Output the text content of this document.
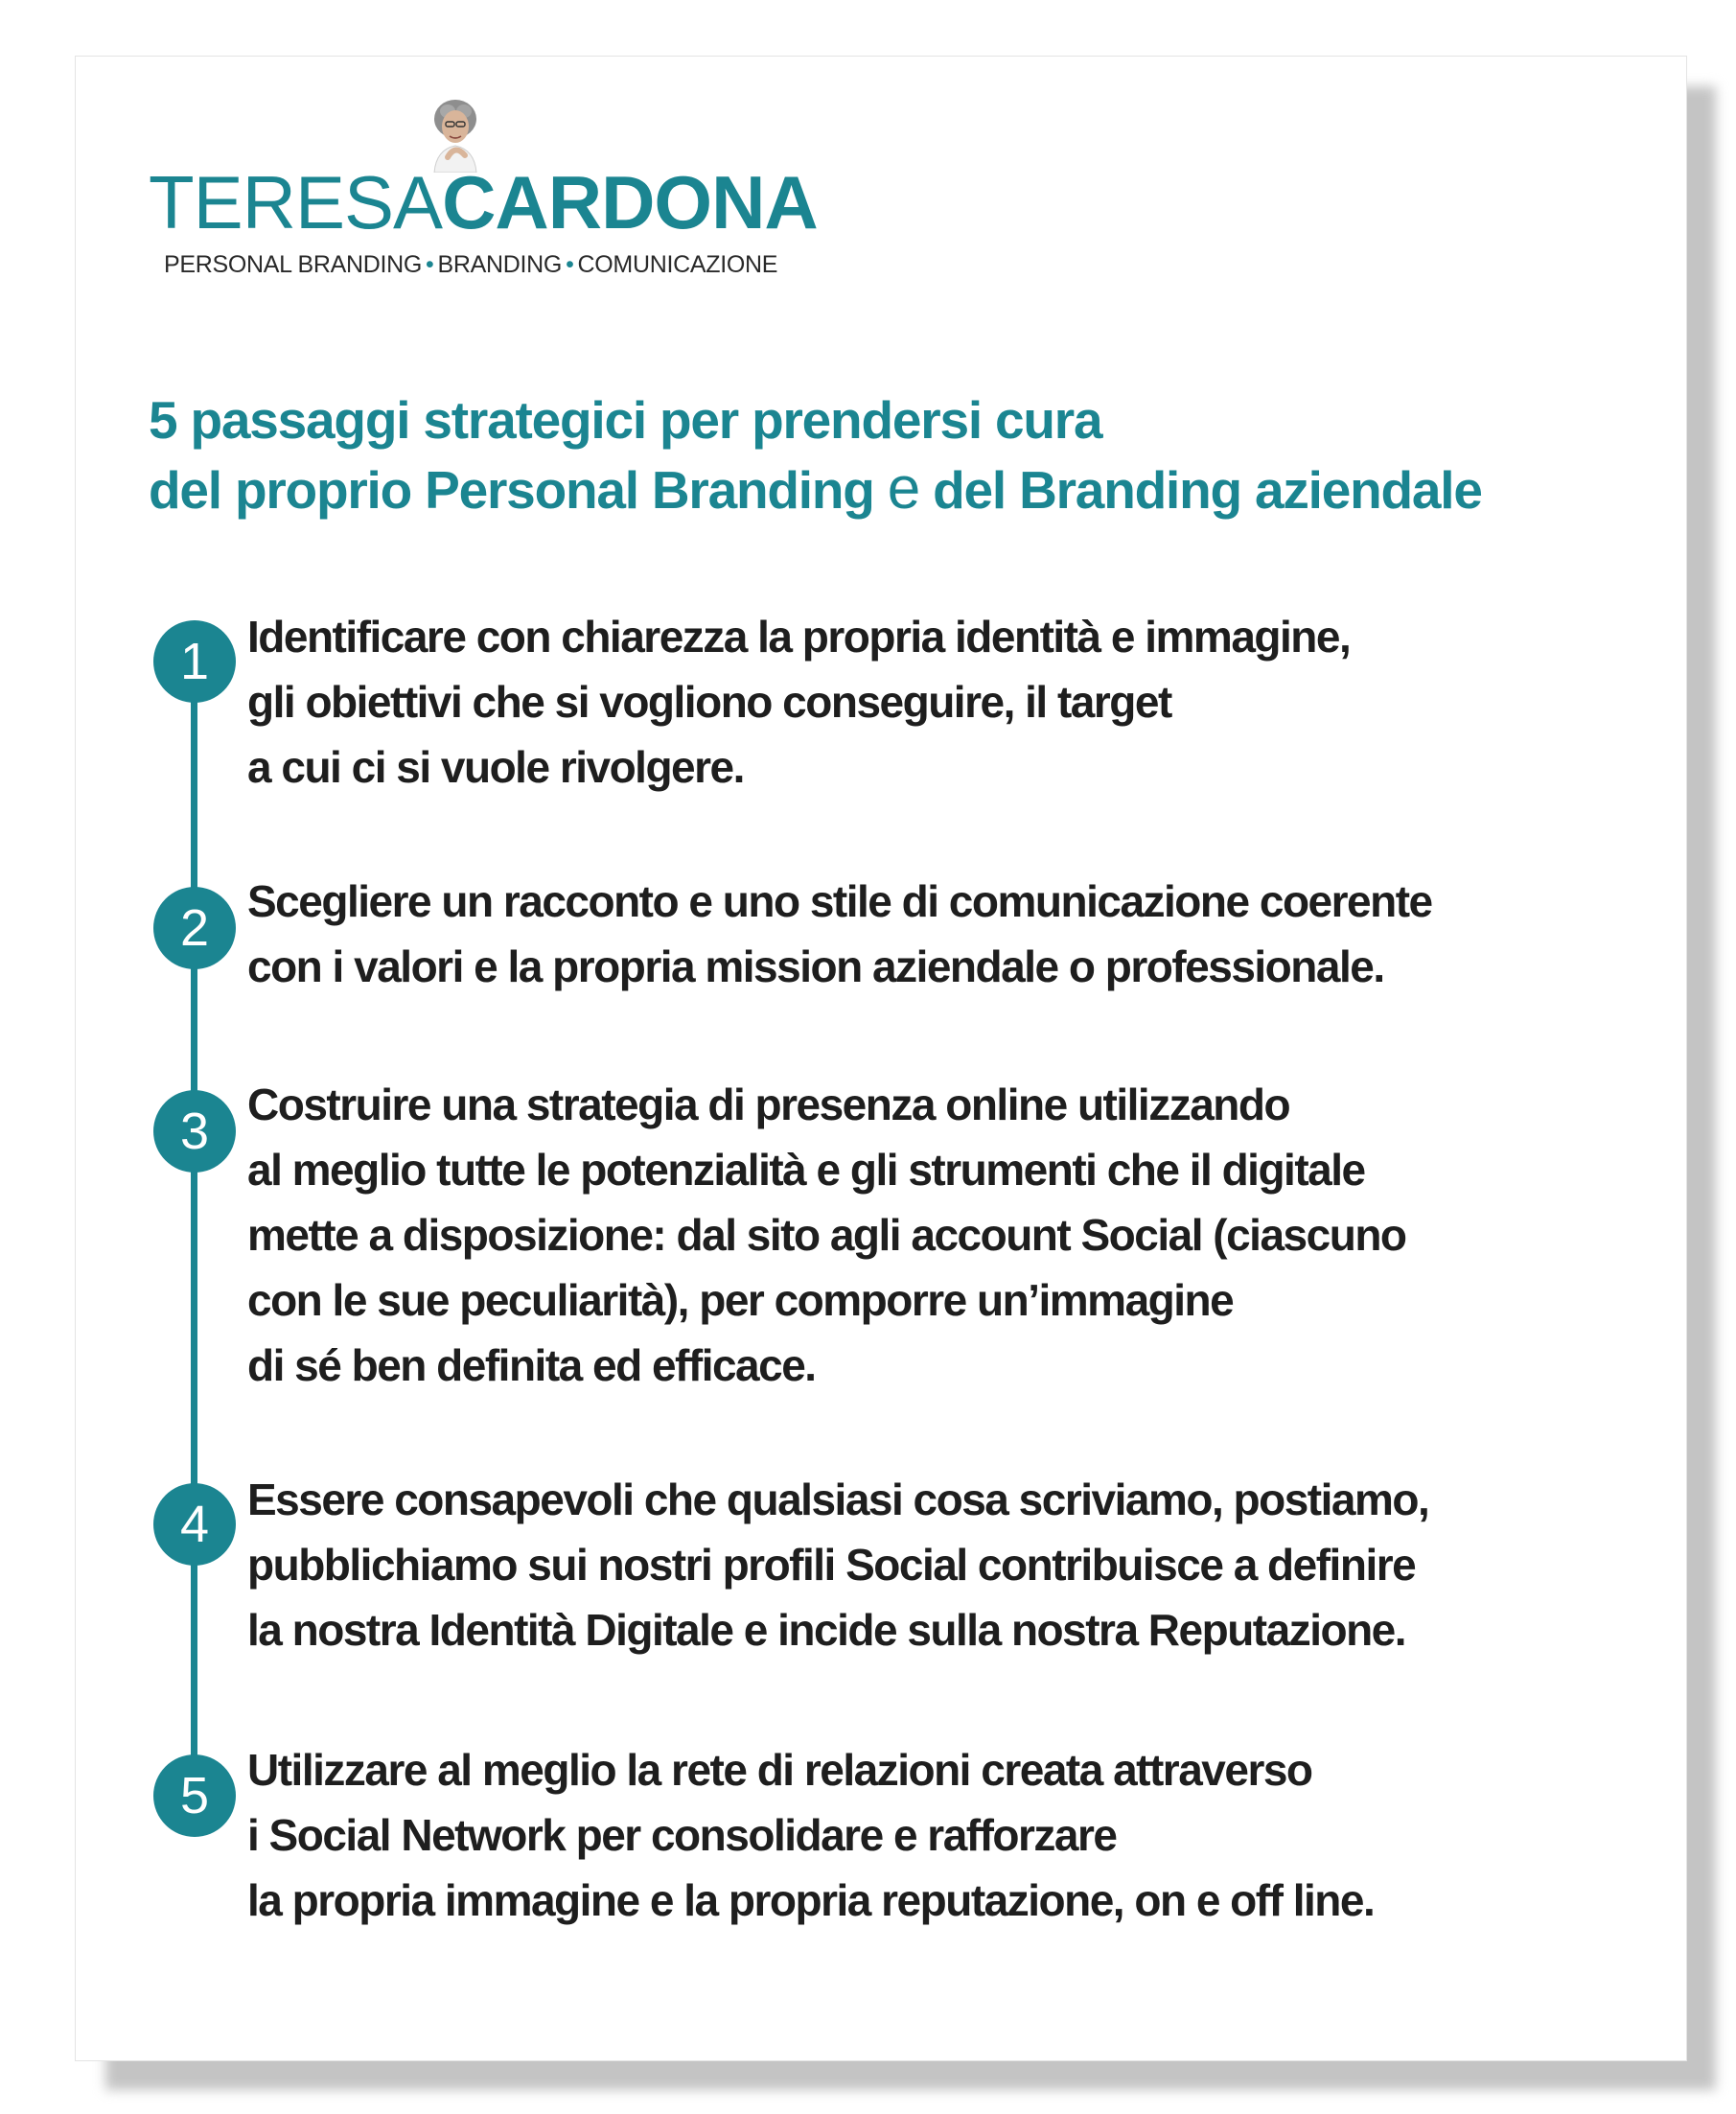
TERESACARDONA
PERSONAL BRANDING • BRANDING • COMUNICAZIONE
5 passaggi strategici per prendersi cura
del proprio Personal Branding e del Branding aziendale
1 Identificare con chiarezza la propria identità e immagine,
gli obiettivi che si vogliono conseguire, il target
a cui ci si vuole rivolgere.
2 Scegliere un racconto e uno stile di comunicazione coerente
con i valori e la propria mission aziendale o professionale.
3 Costruire una strategia di presenza online utilizzando
al meglio tutte le potenzialità e gli strumenti che il digitale
mette a disposizione: dal sito agli account Social (ciascuno
con le sue peculiarità), per comporre un’immagine
di sé ben definita ed efficace.
4 Essere consapevoli che qualsiasi cosa scriviamo, postiamo,
pubblichiamo sui nostri profili Social contribuisce a definire
la nostra Identità Digitale e incide sulla nostra Reputazione.
5 Utilizzare al meglio la rete di relazioni creata attraverso
i Social Network per consolidare e rafforzare
la propria immagine e la propria reputazione, on e off line.
